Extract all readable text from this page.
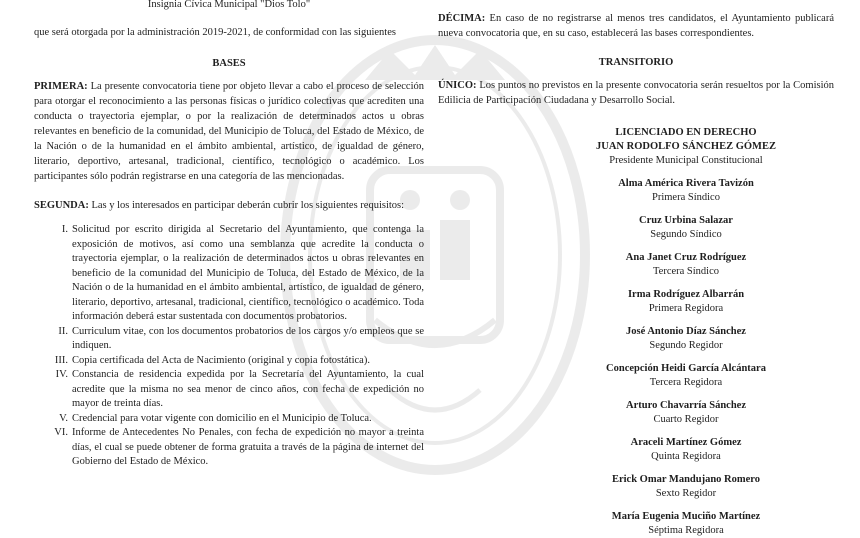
Insignia Cívica Municipal "Dios Tolo"

que será otorgada por la administración 2019-2021, de conformidad con las siguientes

BASES

PRIMERA: La presente convocatoria tiene por objeto llevar a cabo el proceso de selección para otorgar el reconocimiento a las personas físicas o jurídico colectivas que acrediten una conducta o trayectoria ejemplar, o por la realización de determinados actos u obras relevantes en beneficio de la comunidad, del Municipio de Toluca, del Estado de México, de la Nación o de la humanidad en el ámbito ambiental, artístico, de igualdad de género, literario, deportivo, artesanal, tradicional, científico, tecnológico o académico. Los participantes sólo podrán registrarse en una categoría de las mencionadas.

SEGUNDA: Las y los interesados en participar deberán cubrir los siguientes requisitos:

I. Solicitud por escrito dirigida al Secretario del Ayuntamiento, que contenga la exposición de motivos, así como una semblanza que acredite la conducta o trayectoria ejemplar, o la realización de determinados actos u obras relevantes en beneficio de la comunidad del Municipio de Toluca, del Estado de México, de la Nación o de la humanidad en el ámbito ambiental, artístico, de igualdad de género, literario, deportivo, artesanal, tradicional, científico, tecnológico o académico. Toda información deberá estar sustentada con documentos probatorios.
II. Curriculum vitae, con los documentos probatorios de los cargos y/o empleos que se indiquen.
III. Copia certificada del Acta de Nacimiento (original y copia fotostática).
IV. Constancia de residencia expedida por la Secretaría del Ayuntamiento, la cual acredite que la misma no sea menor de cinco años, con fecha de expedición no mayor de treinta días.
V. Credencial para votar vigente con domicilio en el Municipio de Toluca.
VI. Informe de Antecedentes No Penales, con fecha de expedición no mayor a treinta días, el cual se puede obtener de forma gratuita a través de la página de internet del Gobierno del Estado de México.

DÉCIMA: En caso de no registrarse al menos tres candidatos, el Ayuntamiento publicará nueva convocatoria que, en su caso, establecerá las bases correspondientes.

TRANSITORIO

ÚNICO: Los puntos no previstos en la presente convocatoria serán resueltos por la Comisión Edilicia de Participación Ciudadana y Desarrollo Social.

LICENCIADO EN DERECHO
JUAN RODOLFO SÁNCHEZ GÓMEZ
Presidente Municipal Constitucional
Alma América Rivera Tavizón
Primera Síndico
Cruz Urbina Salazar
Segundo Síndico
Ana Janet Cruz Rodríguez
Tercera Síndico
Irma Rodríguez Albarrán
Primera Regidora
José Antonio Díaz Sánchez
Segundo Regidor
Concepción Heidi García Alcántara
Tercera Regidora
Arturo Chavarría Sánchez
Cuarto Regidor
Araceli Martínez Gómez
Quinta Regidora
Erick Omar Mandujano Romero
Sexto Regidor
María Eugenia Muciño Martínez
Séptima Regidora
